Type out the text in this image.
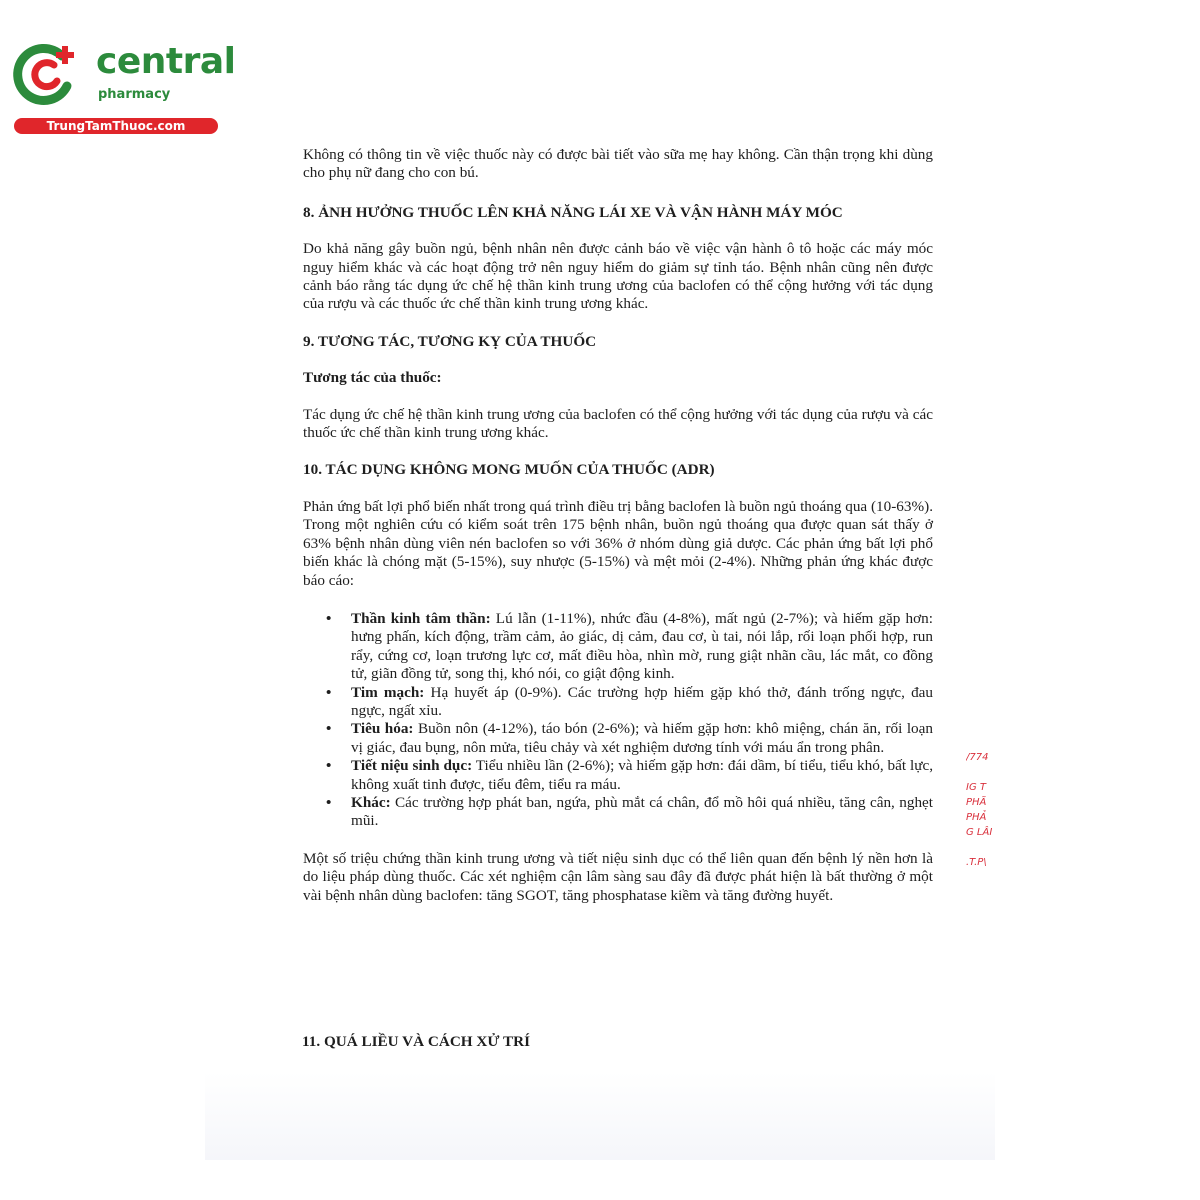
central
pharmacy
TrungTamThuoc.com

Không có thông tin về việc thuốc này có được bài tiết vào sữa mẹ hay không. Cần thận trọng khi dùng cho phụ nữ đang cho con bú.

8. ẢNH HƯỞNG THUỐC LÊN KHẢ NĂNG LÁI XE VÀ VẬN HÀNH MÁY MÓC

Do khả năng gây buồn ngủ, bệnh nhân nên được cảnh báo về việc vận hành ô tô hoặc các máy móc nguy hiểm khác và các hoạt động trở nên nguy hiểm do giảm sự tỉnh táo. Bệnh nhân cũng nên được cảnh báo rằng tác dụng ức chế hệ thần kinh trung ương của baclofen có thể cộng hưởng với tác dụng của rượu và các thuốc ức chế thần kinh trung ương khác.

9. TƯƠNG TÁC, TƯƠNG KỴ CỦA THUỐC

Tương tác của thuốc:

Tác dụng ức chế hệ thần kinh trung ương của baclofen có thể cộng hưởng với tác dụng của rượu và các thuốc ức chế thần kinh trung ương khác.

10. TÁC DỤNG KHÔNG MONG MUỐN CỦA THUỐC (ADR)

Phản ứng bất lợi phổ biến nhất trong quá trình điều trị bằng baclofen là buồn ngủ thoáng qua (10-63%). Trong một nghiên cứu có kiểm soát trên 175 bệnh nhân, buồn ngủ thoáng qua được quan sát thấy ở 63% bệnh nhân dùng viên nén baclofen so với 36% ở nhóm dùng giả dược. Các phản ứng bất lợi phổ biến khác là chóng mặt (5-15%), suy nhược (5-15%) và mệt mỏi (2-4%). Những phản ứng khác được báo cáo:

• Thần kinh tâm thần: Lú lẫn (1-11%), nhức đầu (4-8%), mất ngủ (2-7%); và hiếm gặp hơn: hưng phấn, kích động, trầm cảm, ảo giác, dị cảm, đau cơ, ù tai, nói lắp, rối loạn phối hợp, run rẩy, cứng cơ, loạn trương lực cơ, mất điều hòa, nhìn mờ, rung giật nhãn cầu, lác mắt, co đồng tử, giãn đồng tử, song thị, khó nói, co giật động kinh.
• Tim mạch: Hạ huyết áp (0-9%). Các trường hợp hiếm gặp khó thở, đánh trống ngực, đau ngực, ngất xỉu.
• Tiêu hóa: Buồn nôn (4-12%), táo bón (2-6%); và hiếm gặp hơn: khô miệng, chán ăn, rối loạn vị giác, đau bụng, nôn mửa, tiêu chảy và xét nghiệm dương tính với máu ẩn trong phân.
• Tiết niệu sinh dục: Tiểu nhiều lần (2-6%); và hiếm gặp hơn: đái dầm, bí tiểu, tiểu khó, bất lực, không xuất tinh được, tiểu đêm, tiểu ra máu.
• Khác: Các trường hợp phát ban, ngứa, phù mắt cá chân, đổ mồ hôi quá nhiều, tăng cân, nghẹt mũi.

Một số triệu chứng thần kinh trung ương và tiết niệu sinh dục có thể liên quan đến bệnh lý nền hơn là do liệu pháp dùng thuốc. Các xét nghiệm cận lâm sàng sau đây đã được phát hiện là bất thường ở một vài bệnh nhân dùng baclofen: tăng SGOT, tăng phosphatase kiềm và tăng đường huyết.

11. QUÁ LIỀU VÀ CÁCH XỬ TRÍ
/774

IG T
PHÃ
PHẢ
G LÂI

.T.P\
